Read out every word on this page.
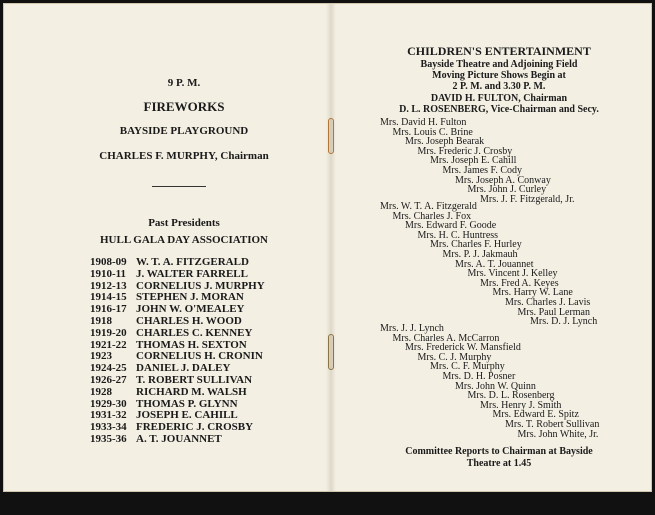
9 P. M.
FIREWORKS
BAYSIDE PLAYGROUND
CHARLES F. MURPHY, Chairman
Past Presidents
HULL GALA DAY ASSOCIATION
1908-09 W. T. A. FITZGERALD
1910-11 J. WALTER FARRELL
1912-13 CORNELIUS J. MURPHY
1914-15 STEPHEN J. MORAN
1916-17 JOHN W. O'MEALEY
1918 CHARLES H. WOOD
1919-20 CHARLES C. KENNEY
1921-22 THOMAS H. SEXTON
1923 CORNELIUS H. CRONIN
1924-25 DANIEL J. DALEY
1926-27 T. ROBERT SULLIVAN
1928 RICHARD M. WALSH
1929-30 THOMAS P. GLYNN
1931-32 JOSEPH E. CAHILL
1933-34 FREDERIC J. CROSBY
1935-36 A. T. JOUANNET
CHILDREN'S ENTERTAINMENT
Bayside Theatre and Adjoining Field
Moving Picture Shows Begin at
2 P. M. and 3.30 P. M.
DAVID H. FULTON, Chairman
D. L. ROSENBERG, Vice-Chairman and Secy.
Mrs. David H. Fulton
Mrs. Louis C. Brine
Mrs. Joseph Bearak
Mrs. Frederic J. Crosby
Mrs. Joseph E. Cahill
Mrs. James F. Cody
Mrs. Joseph A. Conway
Mrs. John J. Curley
Mrs. J. F. Fitzgerald, Jr.
Mrs. W. T. A. Fitzgerald
Mrs. Charles J. Fox
Mrs. Edward F. Goode
Mrs. H. C. Huntress
Mrs. Charles F. Hurley
Mrs. P. J. Jakmauh
Mrs. A. T. Jouannet
Mrs. Vincent J. Kelley
Mrs. Fred A. Keyes
Mrs. Harry W. Lane
Mrs. Charles J. Lavis
Mrs. Paul Lerman
Mrs. D. J. Lynch
Mrs. J. J. Lynch
Mrs. Charles A. McCarron
Mrs. Frederick W. Mansfield
Mrs. C. J. Murphy
Mrs. C. F. Murphy
Mrs. D. H. Posner
Mrs. John W. Quinn
Mrs. D. L. Rosenberg
Mrs. Henry J. Smith
Mrs. Edward E. Spitz
Mrs. T. Robert Sullivan
Mrs. John White, Jr.
Committee Reports to Chairman at Bayside
Theatre at 1.45
